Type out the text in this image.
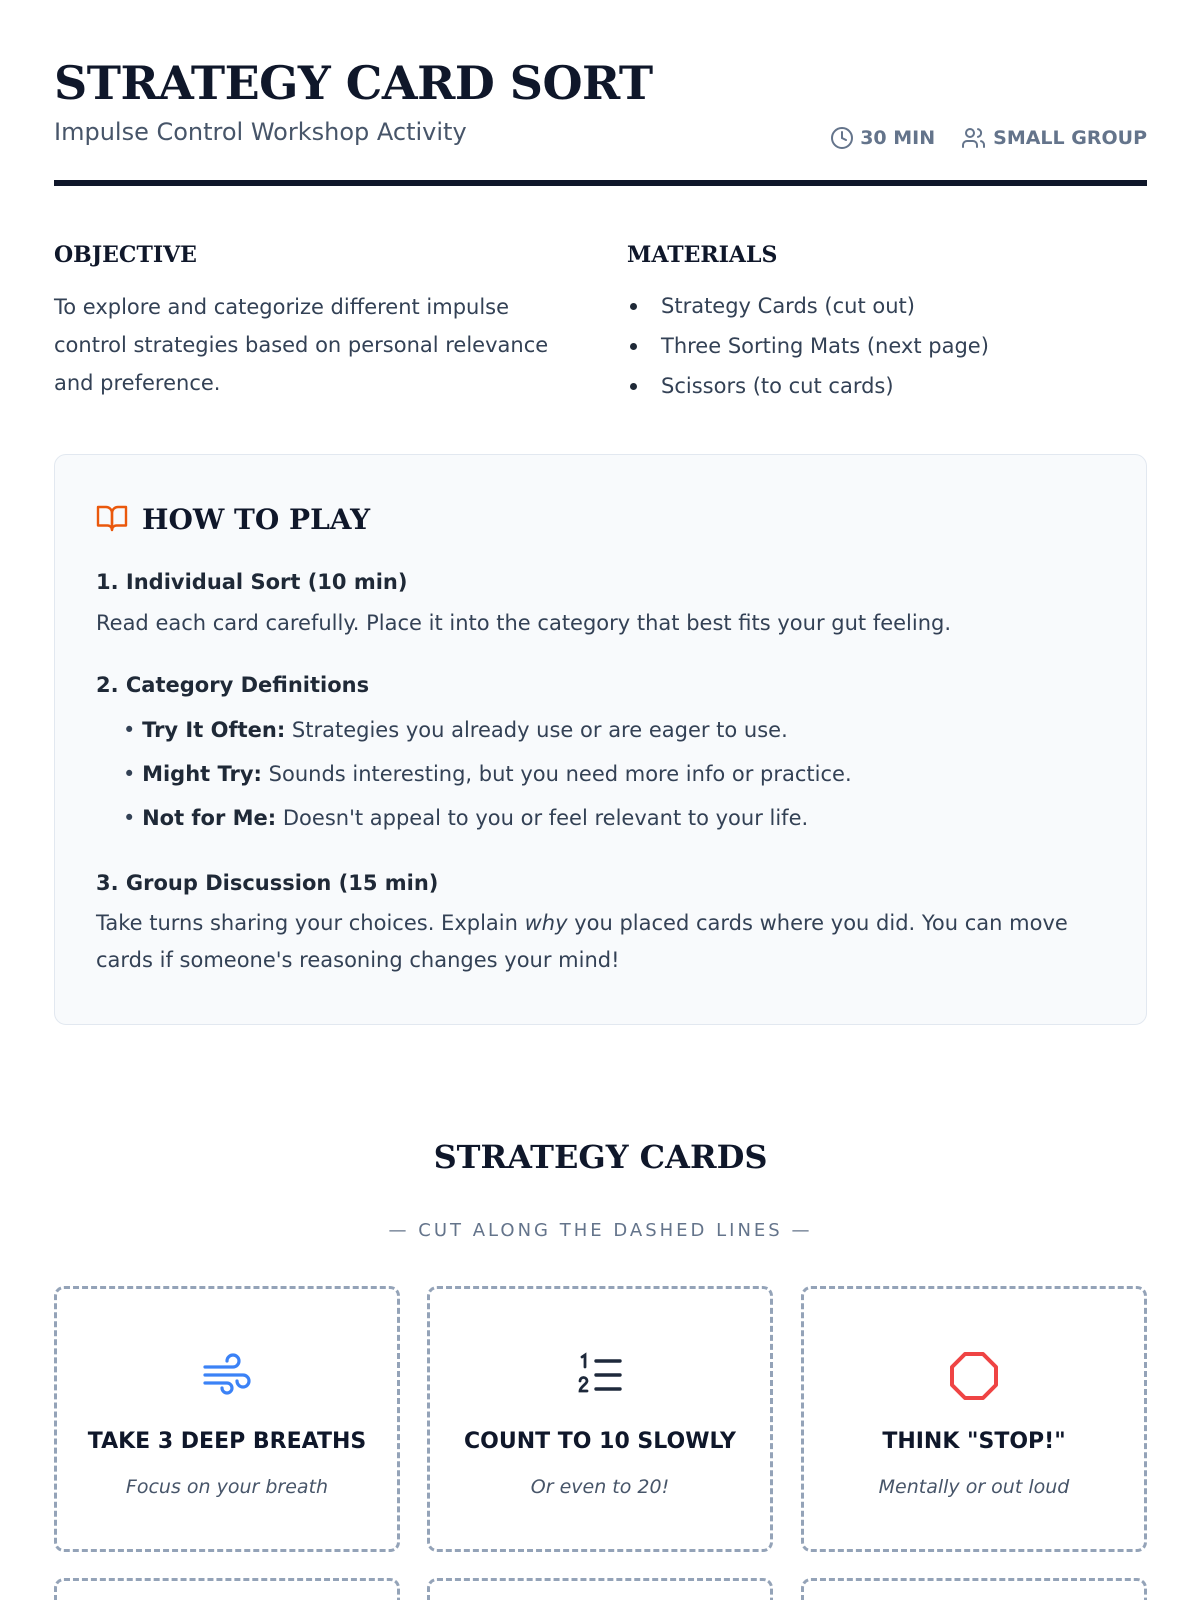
STRATEGY CARD SORT
Impulse Control Workshop Activity	30 MIN	SMALL GROUP
OBJECTIVE

To explore and categorize different impulse control strategies based on personal relevance and preference.

MATERIALS
Strategy Cards (cut out)
Three Sorting Mats (next page)
Scissors (to cut cards)
HOW TO PLAY
1. Individual Sort (10 min)
Read each card carefully. Place it into the category that best fits your gut feeling.
2. Category Definitions
• Try It Often: Strategies you already use or are eager to use.
• Might Try: Sounds interesting, but you need more info or practice.
• Not for Me: Doesn't appeal to you or feel relevant to your life.
3. Group Discussion (15 min)
Take turns sharing your choices. Explain why you placed cards where you did. You can move cards if someone's reasoning changes your mind!
STRATEGY CARDS
— CUT ALONG THE DASHED LINES —
TAKE 3 DEEP BREATHS
Focus on your breath
COUNT TO 10 SLOWLY
Or even to 20!
THINK "STOP!"
Mentally or out loud
